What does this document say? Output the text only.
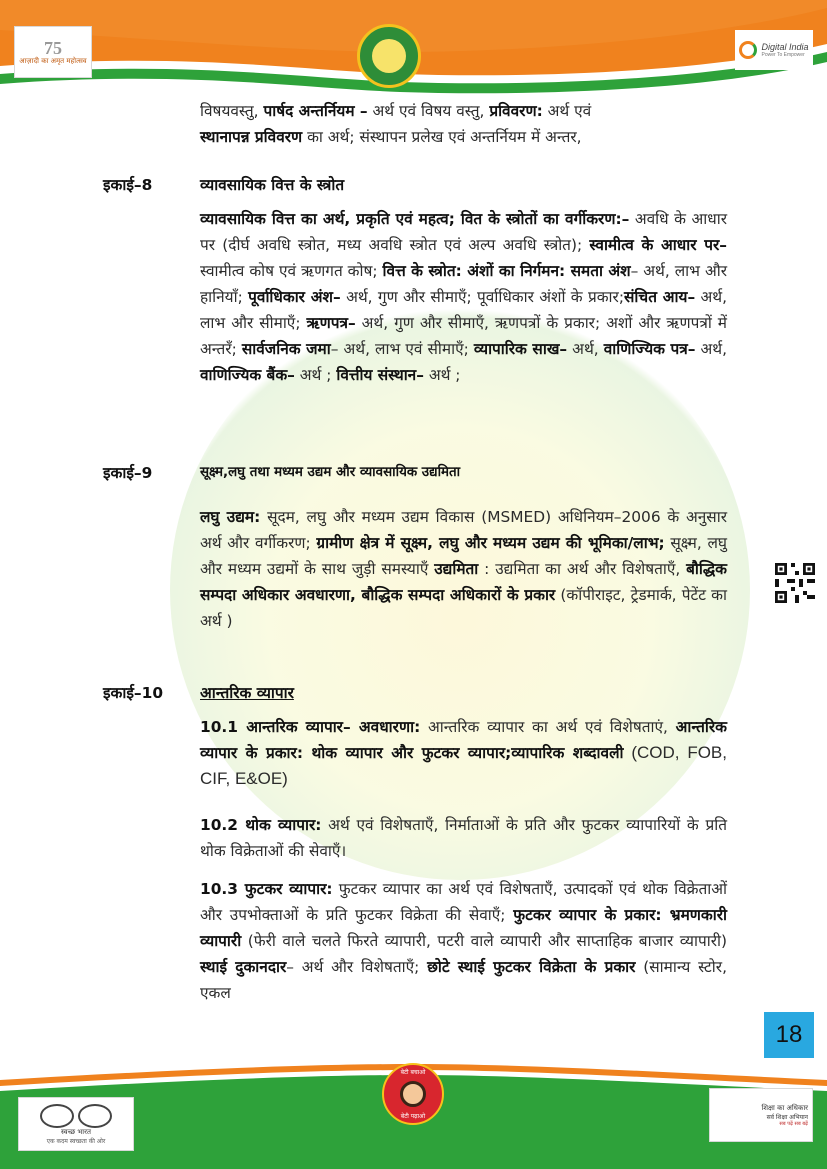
75
आज़ादी का अमृत महोत्सव
Digital India
Power To Empower

विषयवस्तु, पार्षद अन्तर्नियम – अर्थ एवं विषय वस्तु, प्रविवरण: अर्थ एवं
स्थानापन्न प्रविवरण का अर्थ; संस्थापन प्रलेख एवं अन्तर्नियम में अन्तर,

इकाई–8	व्यावसायिक वित्त के स्त्रोत

व्यावसायिक वित्त का अर्थ, प्रकृति एवं महत्व; वित के स्त्रोतों का वर्गीकरण:– अवधि के आधार पर (दीर्घ अवधि स्त्रोत, मध्य अवधि स्त्रोत एवं अल्प अवधि स्त्रोत); स्वामीत्व के आधार पर– स्वामीत्व कोष एवं ऋणगत कोष; वित्त के स्त्रोत: अंशों का निर्गमन: समता अंश– अर्थ, लाभ और हानियाँ; पूर्वाधिकार अंश– अर्थ, गुण और सीमाएँ; पूर्वाधिकार अंशों के प्रकार;संचित आय– अर्थ, लाभ और सीमाएँ; ऋणपत्र– अर्थ, गुण और सीमाएँ, ऋणपत्रों के प्रकार; अशों और ऋणपत्रों में अन्तरँ; सार्वजनिक जमा– अर्थ, लाभ एवं सीमाएँ; व्यापारिक साख– अर्थ, वाणिज्यिक पत्र– अर्थ, वाणिज्यिक बैंक– अर्थ ; वित्तीय संस्थान– अर्थ ;

इकाई–9	सूक्ष्म,लघु तथा मध्यम उद्यम और व्यावसायिक उद्यमिता

लघु उद्यम: सूदम, लघु और मध्यम उद्यम विकास (MSMED) अधिनियम–2006 के अनुसार अर्थ और वर्गीकरण; ग्रामीण क्षेत्र में सूक्ष्म, लघु और मध्यम उद्यम की भूमिका/लाभ; सूक्ष्म, लघु और मध्यम उद्यमों के साथ जुड़ी समस्याएँ उद्यमिता : उद्यमिता का अर्थ और विशेषताएँ, बौद्धिक सम्पदा अधिकार अवधारणा, बौद्धिक सम्पदा अधिकारों के प्रकार (कॉपीराइट, ट्रेडमार्क, पेटेंट का अर्थ )

इकाई–10 आन्तरिक व्यापार

10.1 आन्तरिक व्यापार– अवधारणा: आन्तरिक व्यापार का अर्थ एवं विशेषताएं, आन्तरिक व्यापार के प्रकार: थोक व्यापार और फुटकर व्यापार;व्यापारिक शब्दावली (COD, FOB, CIF, E&OE)

10.2 थोक व्यापार: अर्थ एवं विशेषताएँ, निर्माताओं के प्रति और फुटकर व्यापारियों के प्रति थोक विक्रेताओं की सेवाएँ।

10.3 फुटकर व्यापार: फुटकर व्यापार का अर्थ एवं विशेषताएँ, उत्पादकों एवं थोक विक्रेताओं और उपभोक्ताओं के प्रति फुटकर विक्रेता की सेवाएँ; फुटकर व्यापार के प्रकार: भ्रमणकारी व्यापारी (फेरी वाले चलते फिरते व्यापारी, पटरी वाले व्यापारी और साप्ताहिक बाजार व्यापारी) स्थाई दुकानदार– अर्थ और विशेषताएँ; छोटे स्थाई फुटकर विक्रेता के प्रकार (सामान्य स्टोर, एकल

18
स्वच्छ भारत
एक कदम स्वच्छता की ओर
बेटी बचाओ
बेटी पढ़ाओ
शिक्षा का अधिकार
सर्व शिक्षा अभियान
सब पढ़ें सब बढ़ें
